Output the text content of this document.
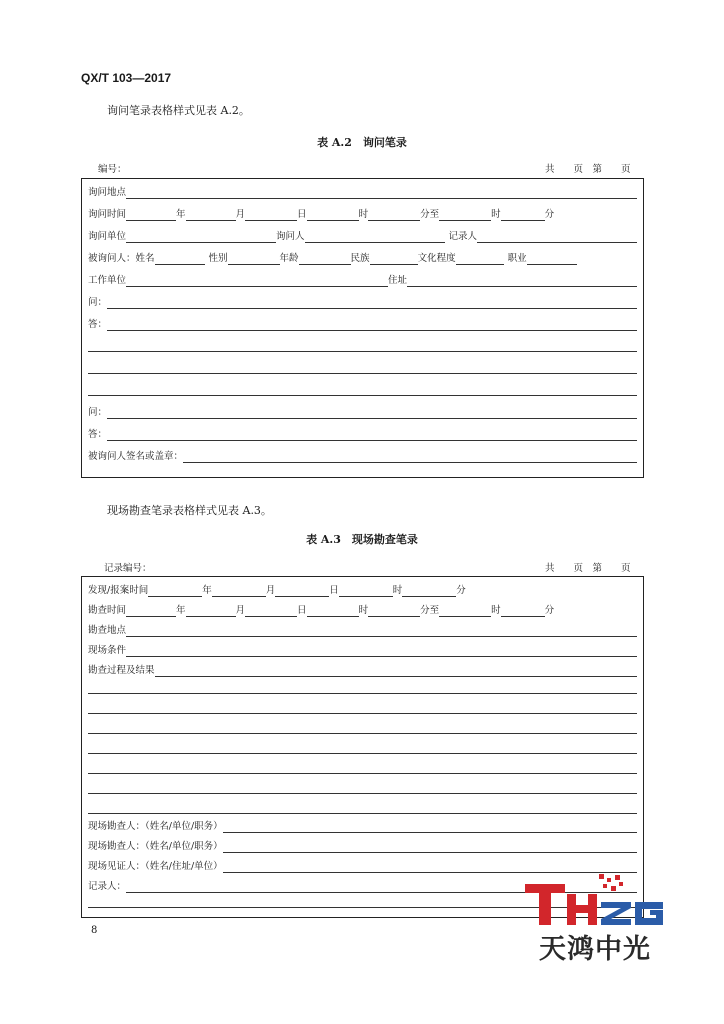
QX/T 103—2017
询问笔录表格样式见表 A.2。
表 A.2　询问笔录
编号：	共　　页　第　　页
询问地点
询问时间	年	月	日	时	分至	时	分
询问单位	询问人	记录人
被询问人：姓名	性别	年龄	民族	文化程度	职业
工作单位	住址
问：
答：
问：
答：
被询问人签名或盖章：
现场勘查笔录表格样式见表 A.3。
表 A.3　现场勘查笔录
记录编号：	共　　页　第　　页
发现/报案时间	年	月	日	时	分
勘查时间	年	月	日	时	分至	时	分
勘查地点
现场条件
勘查过程及结果
现场勘查人：（姓名/单位/职务）
现场勘查人：（姓名/单位/职务）
现场见证人：（姓名/住址/单位）
记录人：
8
天鸿中光
